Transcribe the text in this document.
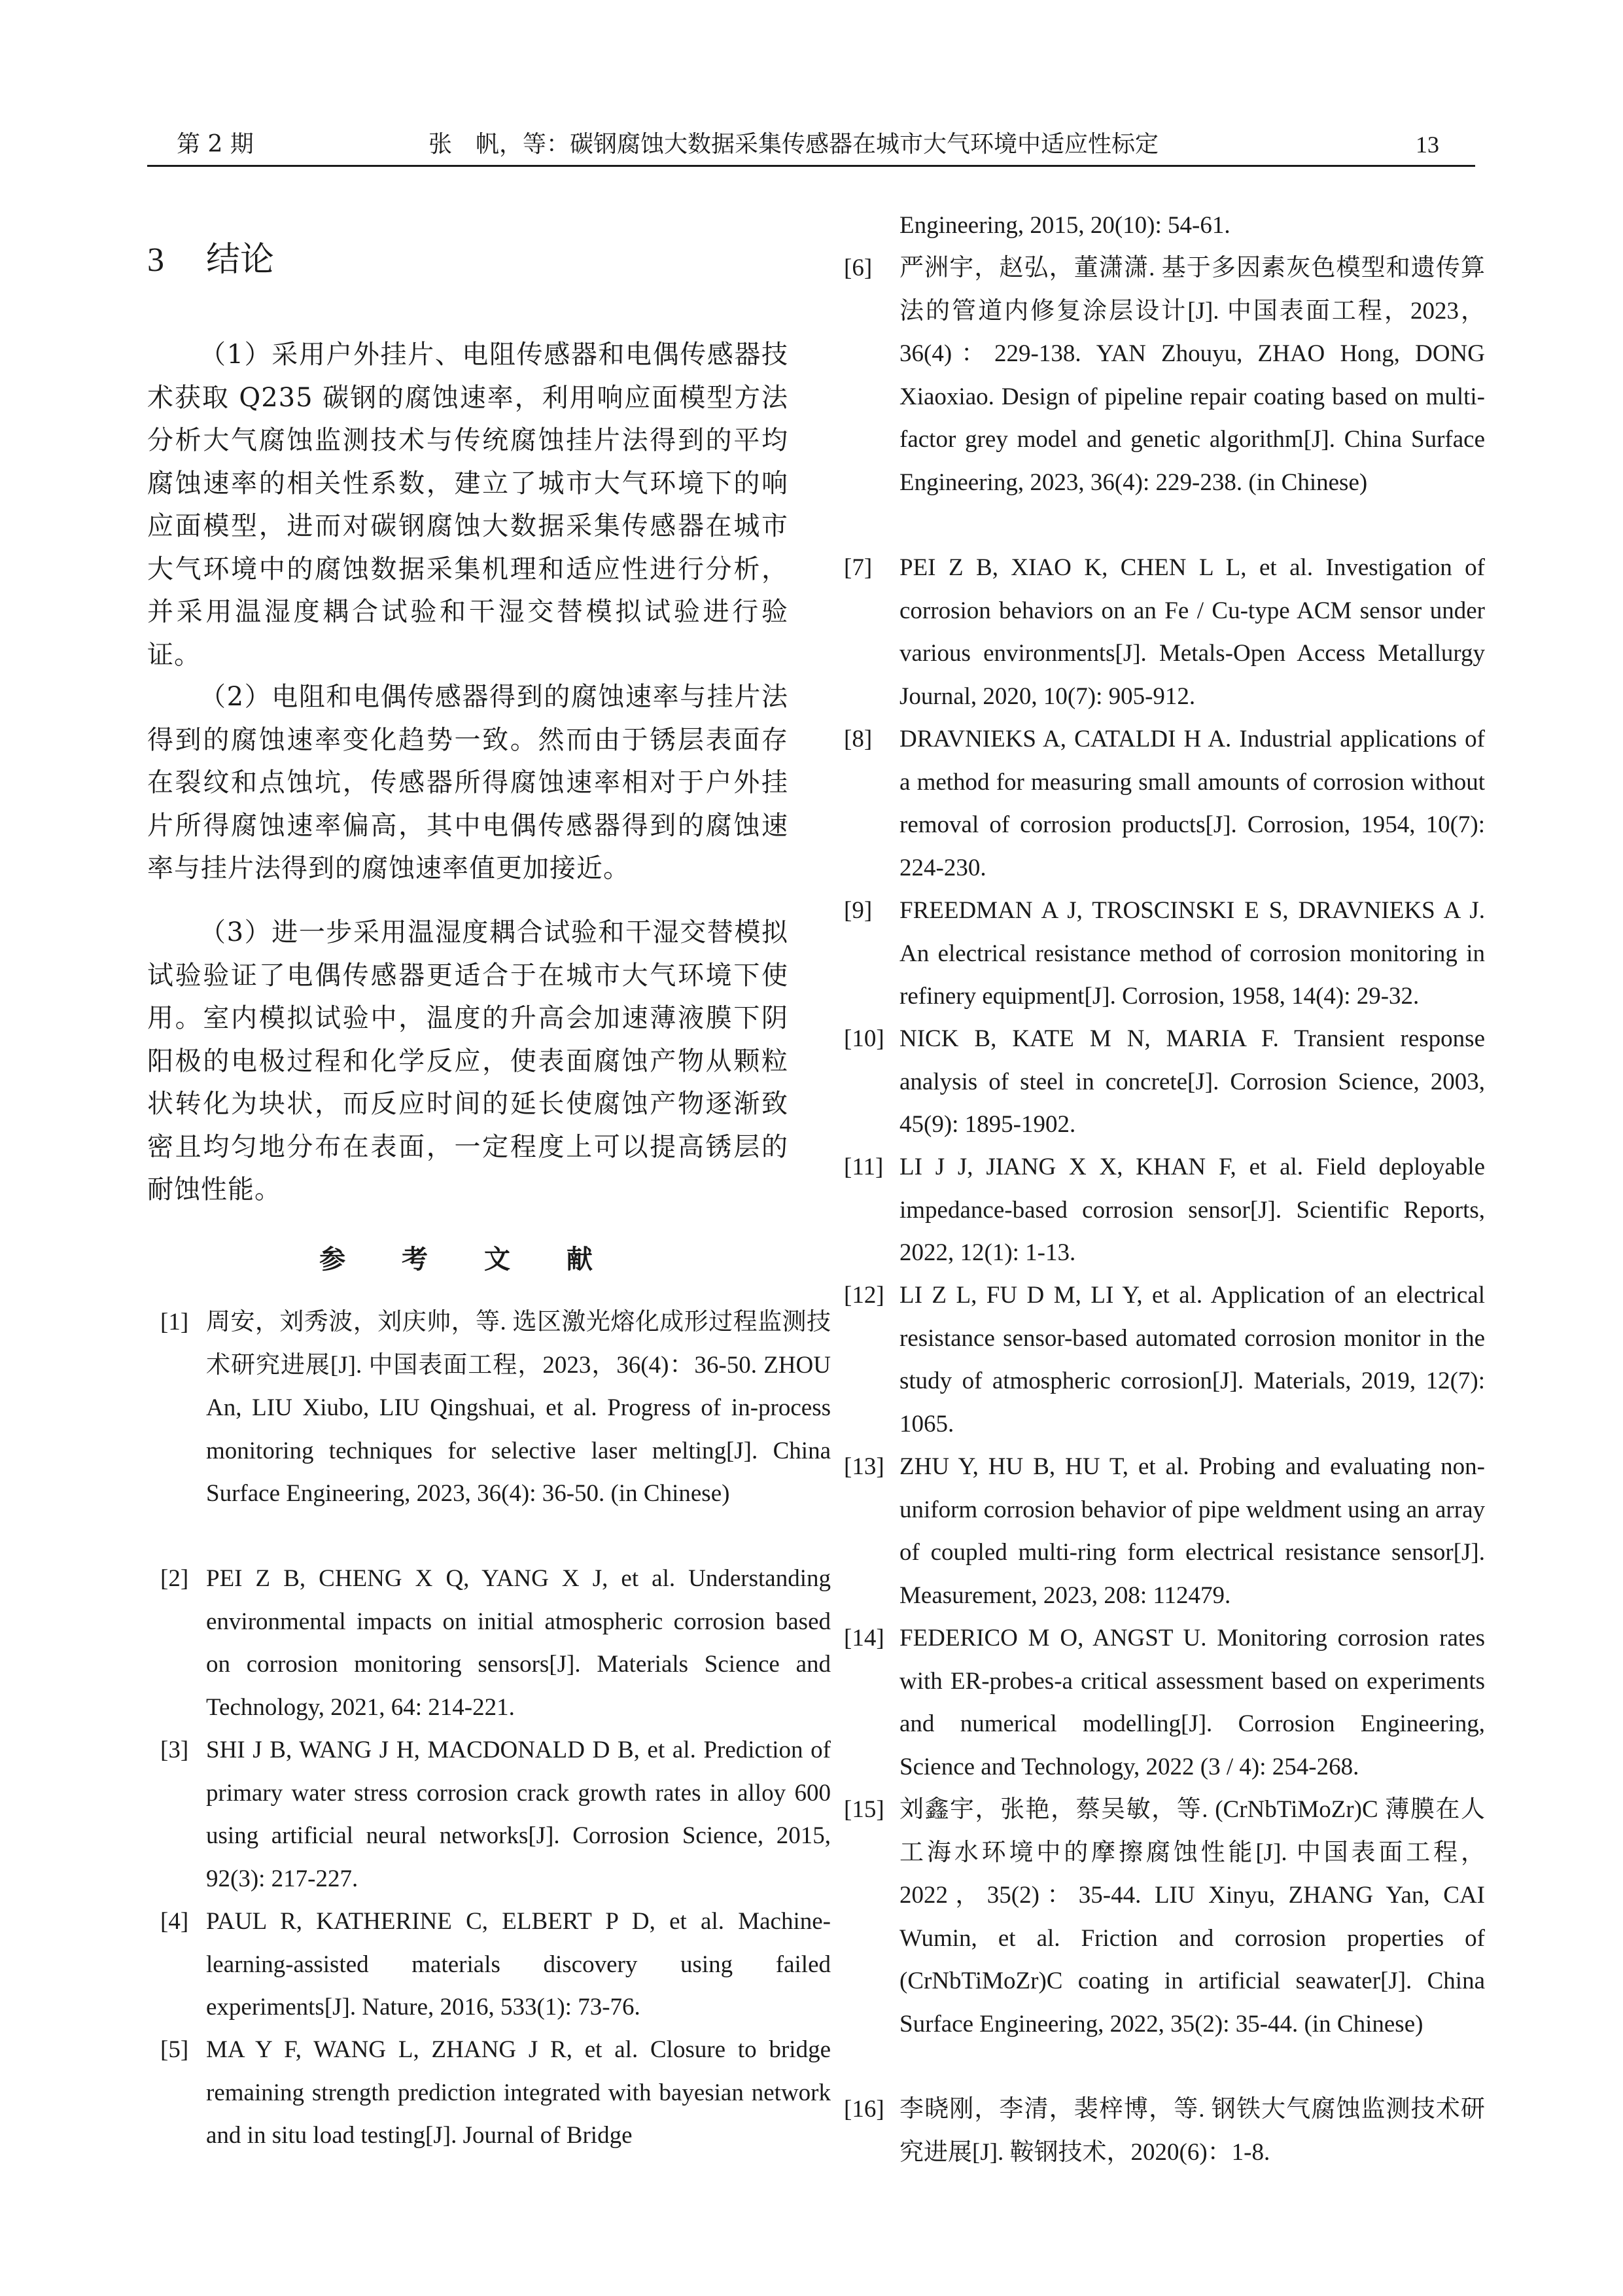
第 2 期	张　帆，等：碳钢腐蚀大数据采集传感器在城市大气环境中适应性标定	13
3 结论

（1）采用户外挂片、电阻传感器和电偶传感器技术获取 Q235 碳钢的腐蚀速率，利用响应面模型方法分析大气腐蚀监测技术与传统腐蚀挂片法得到的平均腐蚀速率的相关性系数，建立了城市大气环境下的响应面模型，进而对碳钢腐蚀大数据采集传感器在城市大气环境中的腐蚀数据采集机理和适应性进行分析，并采用温湿度耦合试验和干湿交替模拟试验进行验证。

（2）电阻和电偶传感器得到的腐蚀速率与挂片法得到的腐蚀速率变化趋势一致。然而由于锈层表面存在裂纹和点蚀坑，传感器所得腐蚀速率相对于户外挂片所得腐蚀速率偏高，其中电偶传感器得到的腐蚀速率与挂片法得到的腐蚀速率值更加接近。

（3）进一步采用温湿度耦合试验和干湿交替模拟试验验证了电偶传感器更适合于在城市大气环境下使用。室内模拟试验中，温度的升高会加速薄液膜下阴阳极的电极过程和化学反应，使表面腐蚀产物从颗粒状转化为块状，而反应时间的延长使腐蚀产物逐渐致密且均匀地分布在表面，一定程度上可以提高锈层的耐蚀性能。

参 考 文 献
[1] 周安，刘秀波，刘庆帅，等. 选区激光熔化成形过程监测技术研究进展[J]. 中国表面工程，2023，36(4)：36-50. ZHOU An, LIU Xiubo, LIU Qingshuai, et al. Progress of in-process monitoring techniques for selective laser melting[J]. China Surface Engineering, 2023, 36(4): 36-50. (in Chinese)
[2] PEI Z B, CHENG X Q, YANG X J, et al. Understanding environmental impacts on initial atmospheric corrosion based on corrosion monitoring sensors[J]. Materials Science and Technology, 2021, 64: 214-221.
[3] SHI J B, WANG J H, MACDONALD D B, et al. Prediction of primary water stress corrosion crack growth rates in alloy 600 using artificial neural networks[J]. Corrosion Science, 2015, 92(3): 217-227.
[4] PAUL R, KATHERINE C, ELBERT P D, et al. Machine-learning-assisted materials discovery using failed experiments[J]. Nature, 2016, 533(1): 73-76.
[5] MA Y F, WANG L, ZHANG J R, et al. Closure to bridge remaining strength prediction integrated with bayesian network and in situ load testing[J]. Journal of Bridge
Engineering, 2015, 20(10): 54-61.
[6]	严洲宇，赵弘，董潇潇. 基于多因素灰色模型和遗传算法的管道内修复涂层设计[J]. 中国表面工程，2023，36(4)：229-138. YAN Zhouyu, ZHAO Hong, DONG Xiaoxiao. Design of pipeline repair coating based on multi-factor grey model and genetic algorithm[J]. China Surface Engineering, 2023, 36(4): 229-238. (in Chinese)
[7]	PEI Z B, XIAO K, CHEN L L, et al. Investigation of corrosion behaviors on an Fe / Cu-type ACM sensor under various environments[J]. Metals-Open Access Metallurgy Journal, 2020, 10(7): 905-912.
[8]	DRAVNIEKS A, CATALDI H A. Industrial applications of a method for measuring small amounts of corrosion without removal of corrosion products[J]. Corrosion, 1954, 10(7): 224-230.
[9]	FREEDMAN A J, TROSCINSKI E S, DRAVNIEKS A J. An electrical resistance method of corrosion monitoring in refinery equipment[J]. Corrosion, 1958, 14(4): 29-32.
[10] NICK B, KATE M N, MARIA F. Transient response analysis of steel in concrete[J]. Corrosion Science, 2003, 45(9): 1895-1902.
[11] LI J J, JIANG X X, KHAN F, et al. Field deployable impedance-based corrosion sensor[J]. Scientific Reports, 2022, 12(1): 1-13.
[12] LI Z L, FU D M, LI Y, et al. Application of an electrical resistance sensor-based automated corrosion monitor in the study of atmospheric corrosion[J]. Materials, 2019, 12(7): 1065.
[13] ZHU Y, HU B, HU T, et al. Probing and evaluating non-uniform corrosion behavior of pipe weldment using an array of coupled multi-ring form electrical resistance sensor[J]. Measurement, 2023, 208: 112479.
[14] FEDERICO M O, ANGST U. Monitoring corrosion rates with ER-probes-a critical assessment based on experiments and numerical modelling[J]. Corrosion Engineering, Science and Technology, 2022 (3 / 4): 254-268.
[15] 刘鑫宇，张艳，蔡吴敏，等. (CrNbTiMoZr)C 薄膜在人工海水环境中的摩擦腐蚀性能[J]. 中国表面工程，2022，35(2)：35-44. LIU Xinyu, ZHANG Yan, CAI Wumin, et al. Friction and corrosion properties of (CrNbTiMoZr)C coating in artificial seawater[J]. China Surface Engineering, 2022, 35(2): 35-44. (in Chinese)
[16] 李晓刚，李清，裴梓博，等. 钢铁大气腐蚀监测技术研究进展[J]. 鞍钢技术，2020(6)：1-8.
